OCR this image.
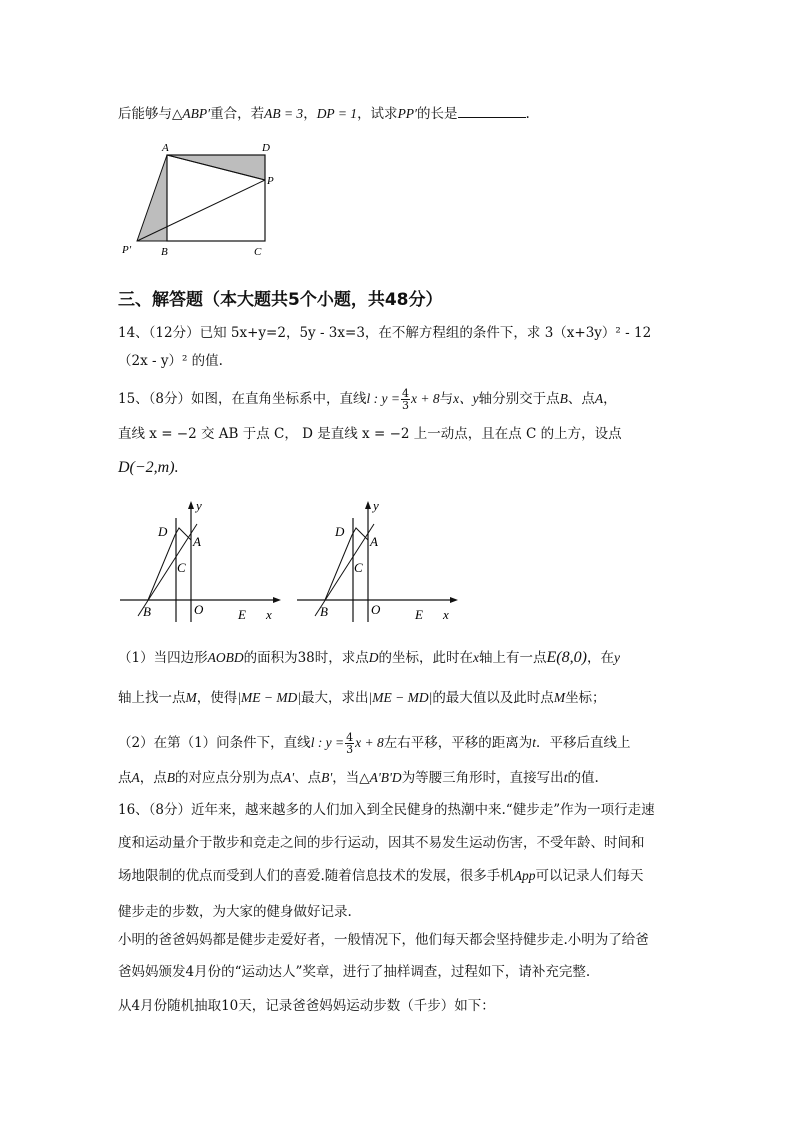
后能够与△ABP′重合，若AB = 3，DP = 1，试求PP′的长是	.
A	D
P
P′	B	C
三、解答题（本大题共5个小题，共48分）
14、（12分）已知 5x+y=2，5y - 3x=3，在不解方程组的条件下，求 3（x+3y）² - 12
（2x - y）² 的值.
15、（8分）如图，在直角坐标系中，直线l : $y = \frac{4}{3}$ x + 8与x、y轴分别交于点B、点A，
直线 x = −2 交 AB 于点 C， D 是直线 x = −2 上一动点，且在点 C 的上方，设点
D(−2,m).
D
y
A
C
B	O	E x
D
y
A
C
B	O	E x
（1）当四边形AOBD的面积为38时，求点D的坐标，此时在x轴上有一点E(8,0)，在y
轴上找一点M，使得|ME − MD|最大，求出|ME − MD|的最大值以及此时点M坐标；
（2）在第（1）问条件下，直线l : $y = \frac{4}{3}$ x + 8左右平移，平移的距离为t．平移后直线上
点A，点B的对应点分别为点A'、点B'，当△A'B'D为等腰三角形时，直接写出t的值.
16、（8分）近年来，越来越多的人们加入到全民健身的热潮中来.“健步走”作为一项行走速
度和运动量介于散步和竞走之间的步行运动，因其不易发生运动伤害，不受年龄、时间和
场地限制的优点而受到人们的喜爱.随着信息技术的发展，很多手机App可以记录人们每天
健步走的步数，为大家的健身做好记录.
小明的爸爸妈妈都是健步走爱好者，一般情况下，他们每天都会坚持健步走.小明为了给爸
爸妈妈颁发4月份的“运动达人”奖章，进行了抽样调查，过程如下，请补充完整.
从4月份随机抽取10天，记录爸爸妈妈运动步数（千步）如下：
